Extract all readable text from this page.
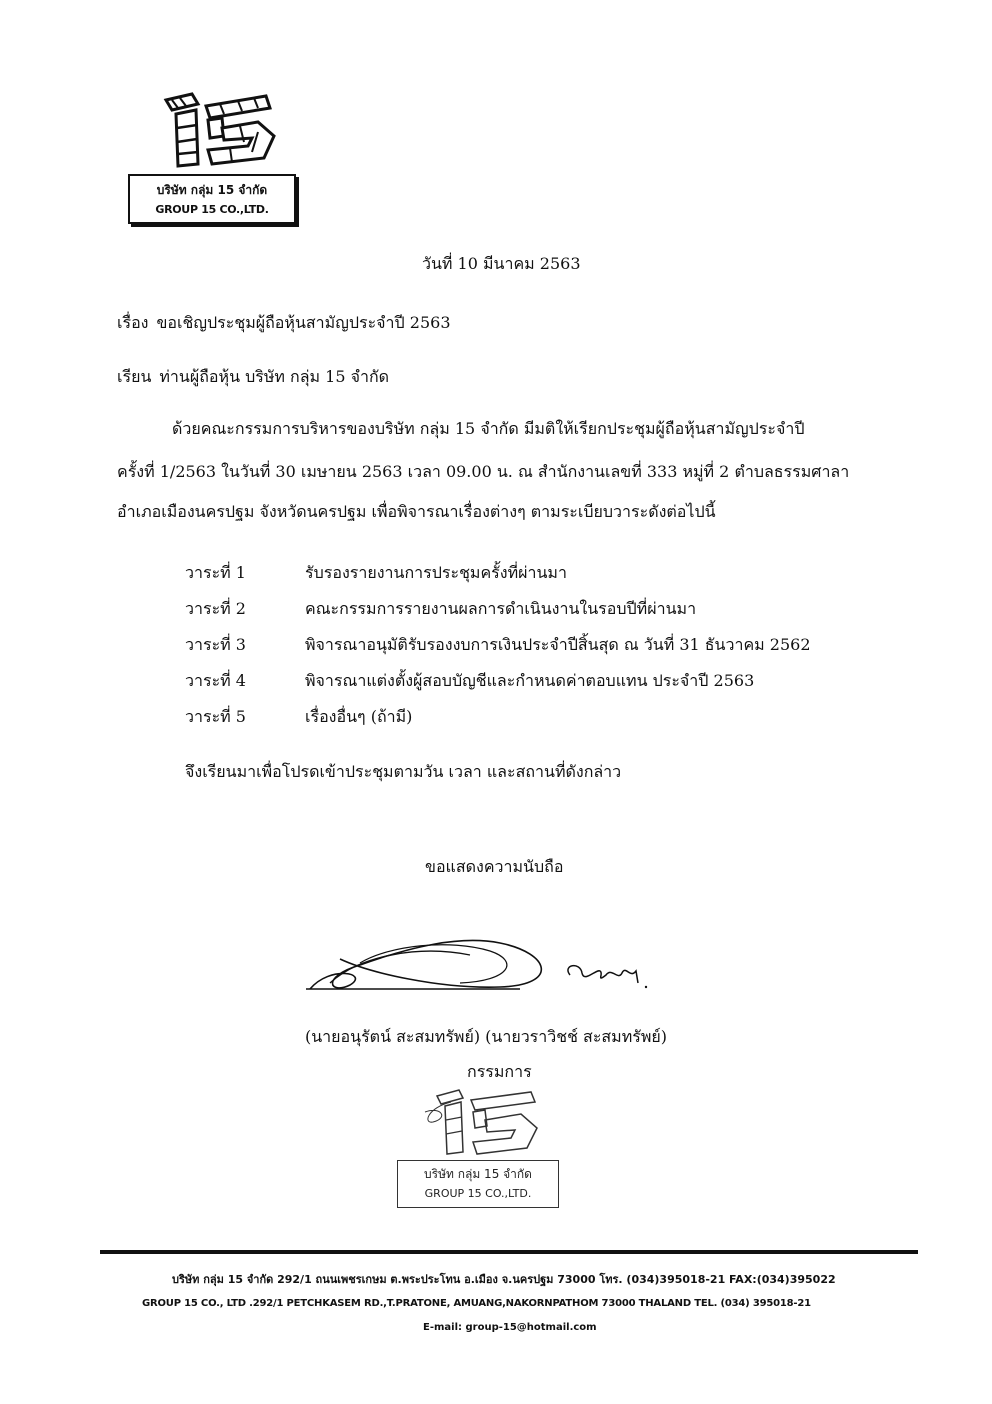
บริษัท กลุ่ม 15 จำกัด
GROUP 15 CO.,LTD.
วันที่ 10 มีนาคม 2563
เรื่อง ขอเชิญประชุมผู้ถือหุ้นสามัญประจำปี 2563
เรียน ท่านผู้ถือหุ้น บริษัท กลุ่ม 15 จำกัด
ด้วยคณะกรรมการบริหารของบริษัท กลุ่ม 15 จำกัด มีมติให้เรียกประชุมผู้ถือหุ้นสามัญประจำปี
ครั้งที่ 1/2563 ในวันที่ 30 เมษายน 2563 เวลา 09.00 น. ณ สำนักงานเลขที่ 333 หมู่ที่ 2 ตำบลธรรมศาลา
อำเภอเมืองนครปฐม จังหวัดนครปฐม เพื่อพิจารณาเรื่องต่างๆ ตามระเบียบวาระดังต่อไปนี้
วาระที่ 1	รับรองรายงานการประชุมครั้งที่ผ่านมา
วาระที่ 2	คณะกรรมการรายงานผลการดำเนินงานในรอบปีที่ผ่านมา
วาระที่ 3	พิจารณาอนุมัติรับรองงบการเงินประจำปีสิ้นสุด ณ วันที่ 31 ธันวาคม 2562
วาระที่ 4	พิจารณาแต่งตั้งผู้สอบบัญชีและกำหนดค่าตอบแทน ประจำปี 2563
วาระที่ 5	เรื่องอื่นๆ (ถ้ามี)
จึงเรียนมาเพื่อโปรดเข้าประชุมตามวัน เวลา และสถานที่ดังกล่าว
ขอแสดงความนับถือ
(นายอนุรัตน์ สะสมทรัพย์) (นายวราวิชช์ สะสมทรัพย์)
กรรมการ
บริษัท กลุ่ม 15 จำกัด
GROUP 15 CO.,LTD.
บริษัท กลุ่ม 15 จำกัด 292/1 ถนนเพชรเกษม ต.พระประโทน อ.เมือง จ.นครปฐม 73000 โทร. (034)395018-21 FAX:(034)395022
GROUP 15 CO., LTD .292/1 PETCHKASEM RD.,T.PRATONE, AMUANG,NAKORNPATHOM 73000 THALAND TEL. (034) 395018-21
E-mail: group-15@hotmail.com
